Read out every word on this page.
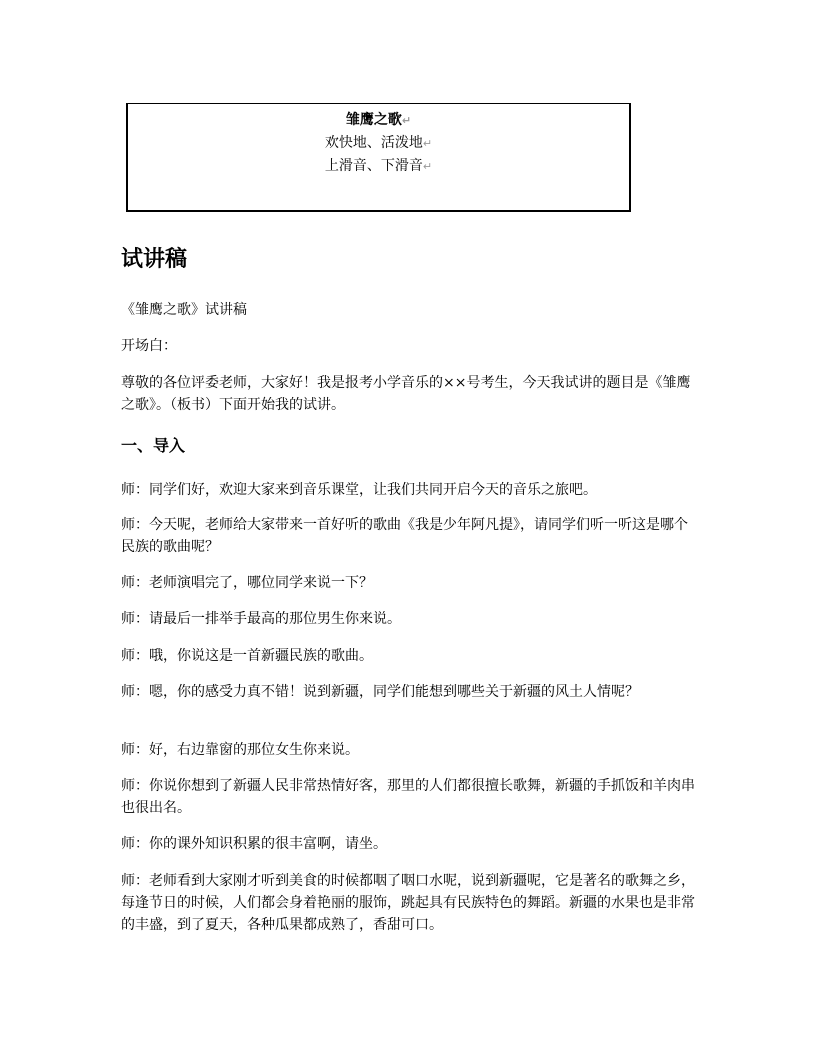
雏鹰之歌↵
欢快地、活泼地↵
上滑音、下滑音↵
试讲稿

《雏鹰之歌》试讲稿

开场白：

尊敬的各位评委老师，大家好！我是报考小学音乐的××号考生，今天我试讲的题目是《雏鹰之歌》。（板书）下面开始我的试讲。

一、导入

师：同学们好，欢迎大家来到音乐课堂，让我们共同开启今天的音乐之旅吧。

师：今天呢，老师给大家带来一首好听的歌曲《我是少年阿凡提》，请同学们听一听这是哪个民族的歌曲呢？

师：老师演唱完了，哪位同学来说一下？

师：请最后一排举手最高的那位男生你来说。

师：哦，你说这是一首新疆民族的歌曲。

师：嗯，你的感受力真不错！说到新疆，同学们能想到哪些关于新疆的风土人情呢？

师：好，右边靠窗的那位女生你来说。

师：你说你想到了新疆人民非常热情好客，那里的人们都很擅长歌舞，新疆的手抓饭和羊肉串也很出名。

师：你的课外知识积累的很丰富啊，请坐。

师：老师看到大家刚才听到美食的时候都咽了咽口水呢，说到新疆呢，它是著名的歌舞之乡，每逢节日的时候，人们都会身着艳丽的服饰，跳起具有民族特色的舞蹈。新疆的水果也是非常的丰盛，到了夏天，各种瓜果都成熟了，香甜可口。
